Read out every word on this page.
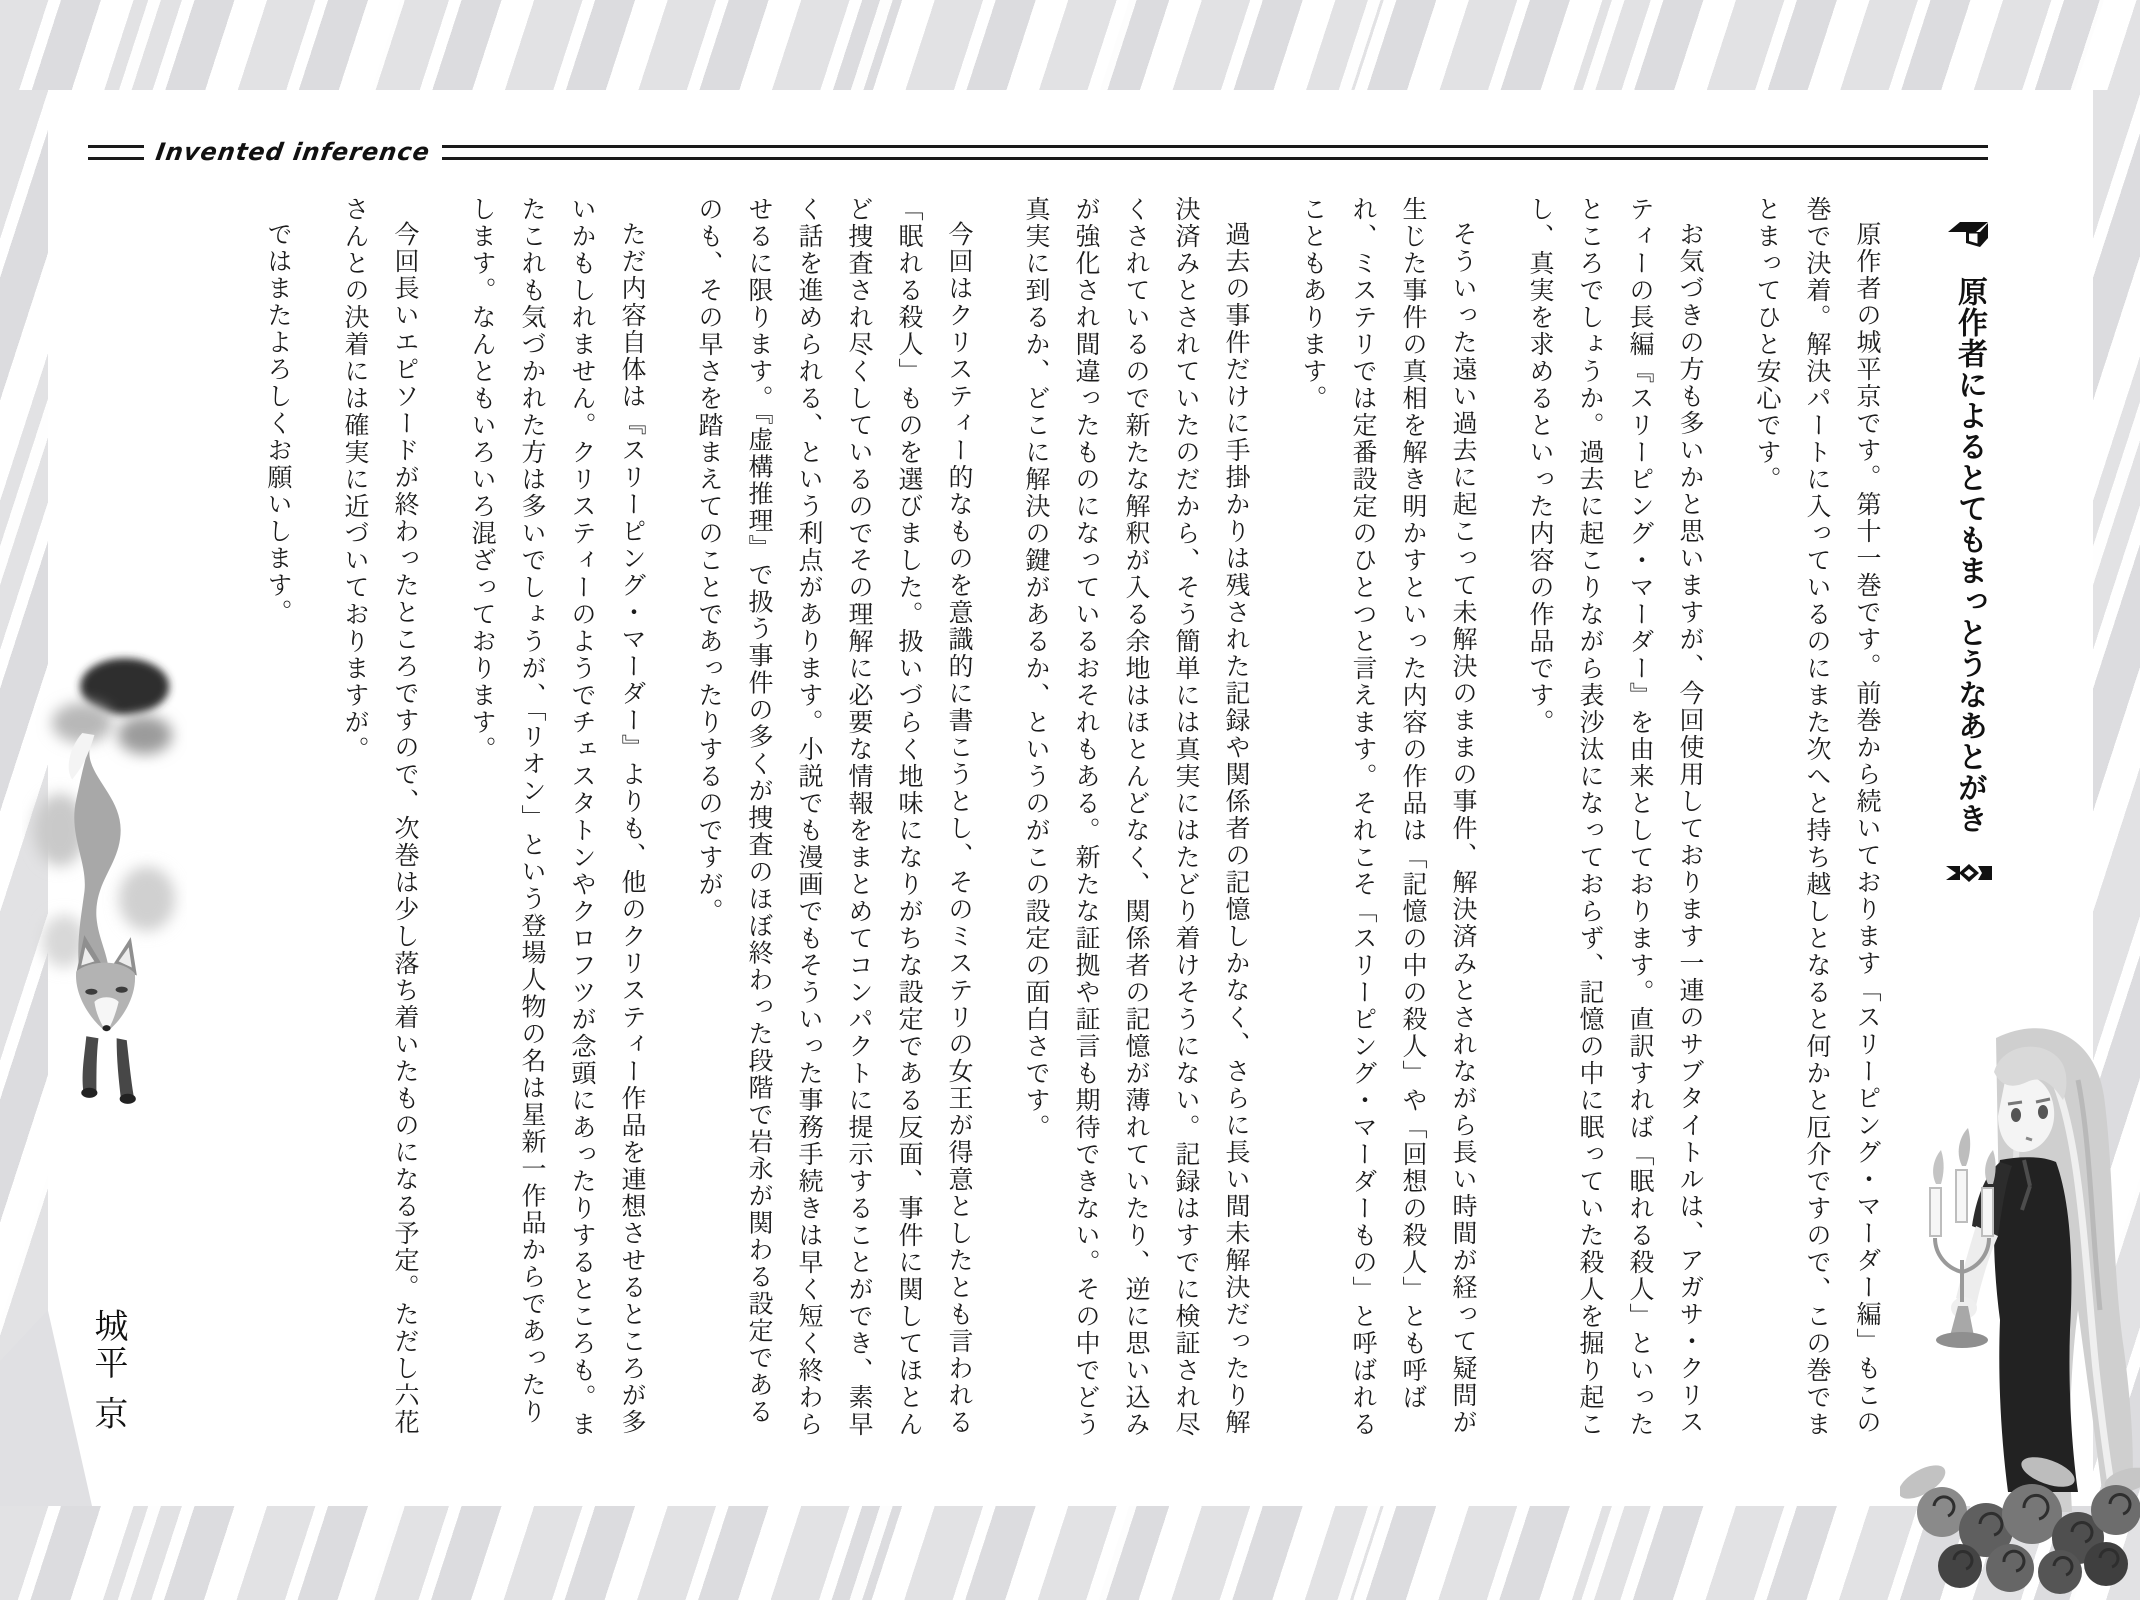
Invented inference
原作者によるとてもまっとうなあとがき

原作者の城平京です。第十一巻です。前巻から続いております「スリーピング・マーダー編」もこの巻で決着。解決パートに入っているのにまた次へと持ち越しとなると何かと厄介ですので、この巻でまとまってひと安心です。

お気づきの方も多いかと思いますが、今回使用しております一連のサブタイトルは、アガサ・クリスティーの長編『スリーピング・マーダー』を由来としております。直訳すれば「眠れる殺人」といったところでしょうか。過去に起こりながら表沙汰になっておらず、記憶の中に眠っていた殺人を掘り起こし、真実を求めるといった内容の作品です。

そういった遠い過去に起こって未解決のままの事件、解決済みとされながら長い時間が経って疑問が生じた事件の真相を解き明かすといった内容の作品は「記憶の中の殺人」や「回想の殺人」とも呼ばれ、ミステリでは定番設定のひとつと言えます。それこそ「スリーピング・マーダーもの」と呼ばれることもあります。

過去の事件だけに手掛かりは残された記録や関係者の記憶しかなく、さらに長い間未解決だったり解決済みとされていたのだから、そう簡単には真実にはたどり着けそうにない。記録はすでに検証され尽くされているので新たな解釈が入る余地はほとんどなく、関係者の記憶が薄れていたり、逆に思い込みが強化され間違ったものになっているおそれもある。新たな証拠や証言も期待できない。その中でどう真実に到るか、どこに解決の鍵があるか、というのがこの設定の面白さです。

今回はクリスティー的なものを意識的に書こうとし、そのミステリの女王が得意としたとも言われる「眠れる殺人」ものを選びました。扱いづらく地味になりがちな設定である反面、事件に関してほとんど捜査され尽くしているのでその理解に必要な情報をまとめてコンパクトに提示することができ、素早く話を進められる、という利点があります。小説でも漫画でもそういった事務手続きは早く短く終わらせるに限ります。『虚構推理』で扱う事件の多くが捜査のほぼ終わった段階で岩永が関わる設定であるのも、その早さを踏まえてのことであったりするのですが。

ただ内容自体は『スリーピング・マーダー』よりも、他のクリスティー作品を連想させるところが多いかもしれません。クリスティーのようでチェスタトンやクロフツが念頭にあったりするところも。またこれも気づかれた方は多いでしょうが、「リオン」という登場人物の名は星新一作品からであったりします。なんともいろいろ混ざっております。

今回長いエピソードが終わったところですので、次巻は少し落ち着いたものになる予定。ただし六花さんとの決着には確実に近づいておりますが。

ではまたよろしくお願いします。

城平 京
